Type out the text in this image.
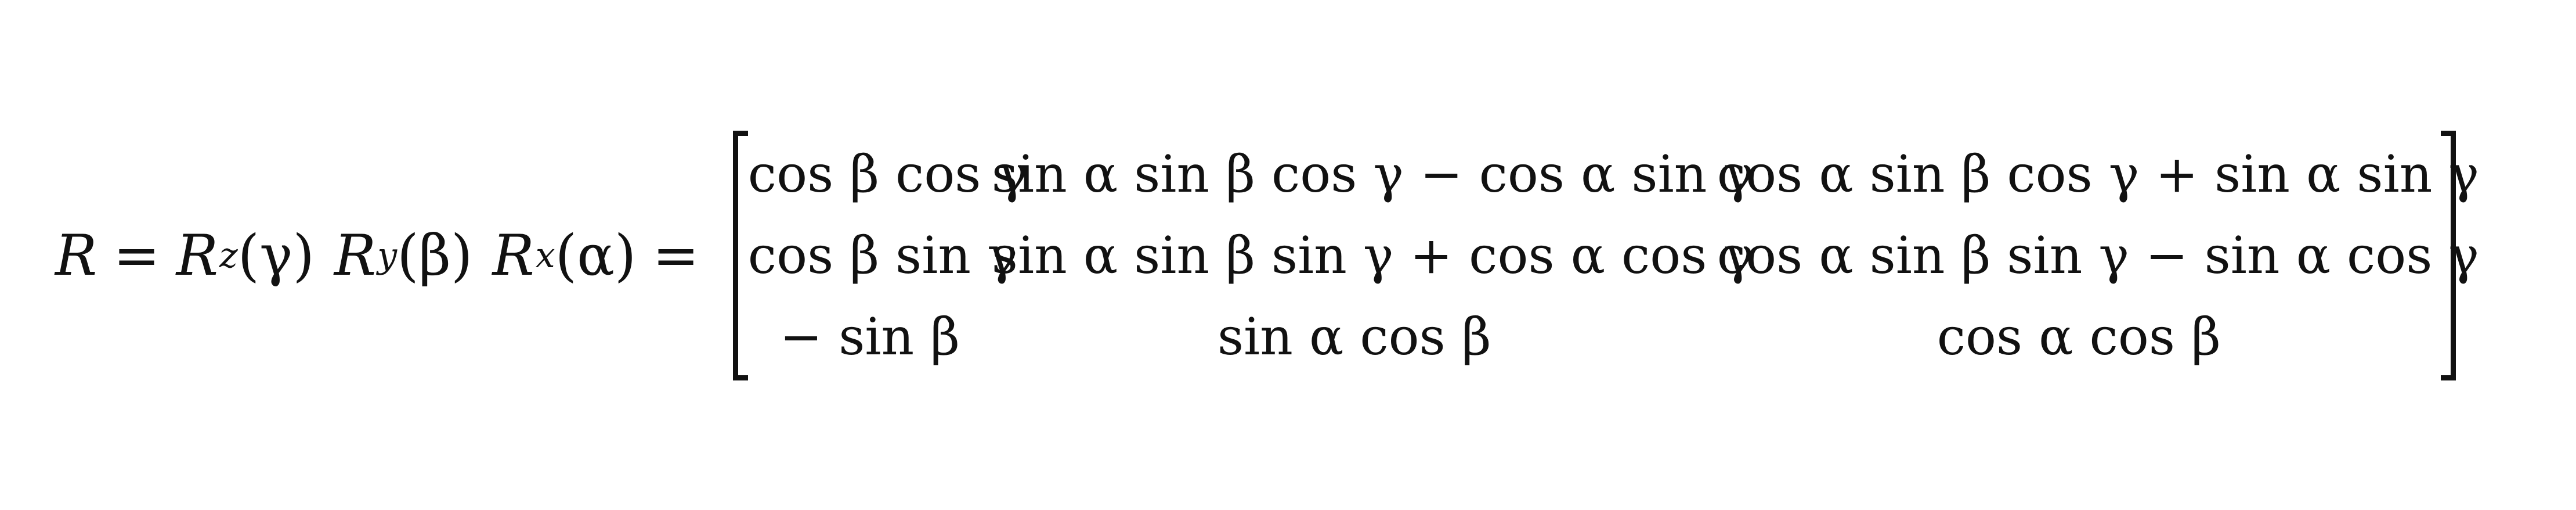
R = R z (γ) R y (β) R x (α) =
cos β cos γ
sin α sin β cos γ − cos α sin γ
cos α sin β cos γ + sin α sin γ
cos β sin γ
sin α sin β sin γ + cos α cos γ
cos α sin β sin γ − sin α cos γ
− sin β	sin α cos β	cos α cos β
